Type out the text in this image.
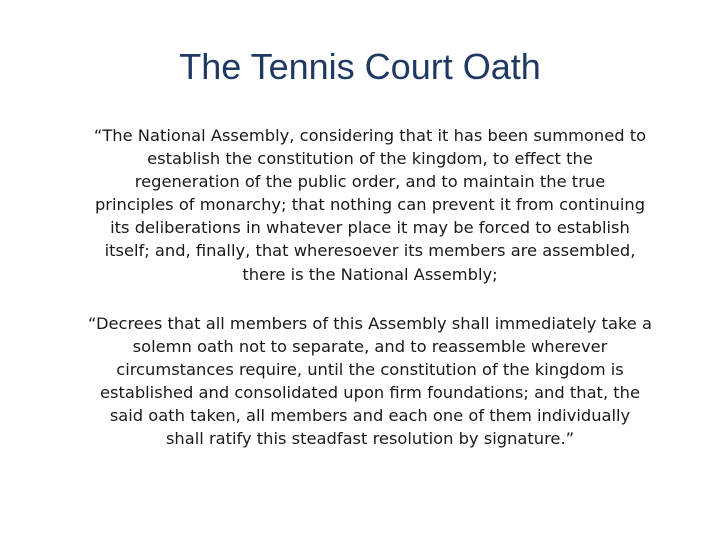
The Tennis Court Oath

“The National Assembly, considering that it has been summoned to
establish the constitution of the kingdom, to effect the
regeneration of the public order, and to maintain the true
principles of monarchy; that nothing can prevent it from continuing
its deliberations in whatever place it may be forced to establish
itself; and, finally, that wheresoever its members are assembled,
there is the National Assembly;

“Decrees that all members of this Assembly shall immediately take a
solemn oath not to separate, and to reassemble wherever
circumstances require, until the constitution of the kingdom is
established and consolidated upon firm foundations; and that, the
said oath taken, all members and each one of them individually
shall ratify this steadfast resolution by signature.”
